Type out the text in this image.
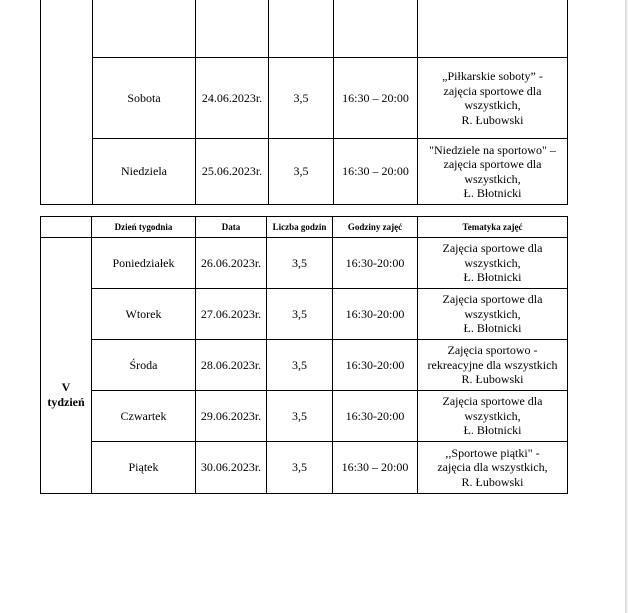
	Sobota	24.06.2023r.	3,5	16:30 – 20:00	„Piłkarskie soboty” -
zajęcia sportowe dla
wszystkich,
R. Łubowski
	Niedziela	25.06.2023r.	3,5	16:30 – 20:00	"Niedziele na sportowo" –
zajęcia sportowe dla
wszystkich,
Ł. Błotnicki
	Dzień tygodnia	Data	Liczba godzin	Godziny zajęć	Tematyka zajęć

V
tydzień	Poniedziałek	26.06.2023r.	3,5	16:30-20:00	Zajęcia sportowe dla
wszystkich,
Ł. Błotnicki
	Wtorek	27.06.2023r.	3,5	16:30-20:00	Zajęcia sportowe dla
wszystkich,
Ł. Błotnicki
	Środa	28.06.2023r.	3,5	16:30-20:00	Zajęcia sportowo -
rekreacyjne dla wszystkich
R. Łubowski
	Czwartek	29.06.2023r.	3,5	16:30-20:00	Zajęcia sportowe dla
wszystkich,
Ł. Błotnicki
	Piątek	30.06.2023r.	3,5	16:30 – 20:00	,,Sportowe piątki" -
zajęcia dla wszystkich,
R. Łubowski
